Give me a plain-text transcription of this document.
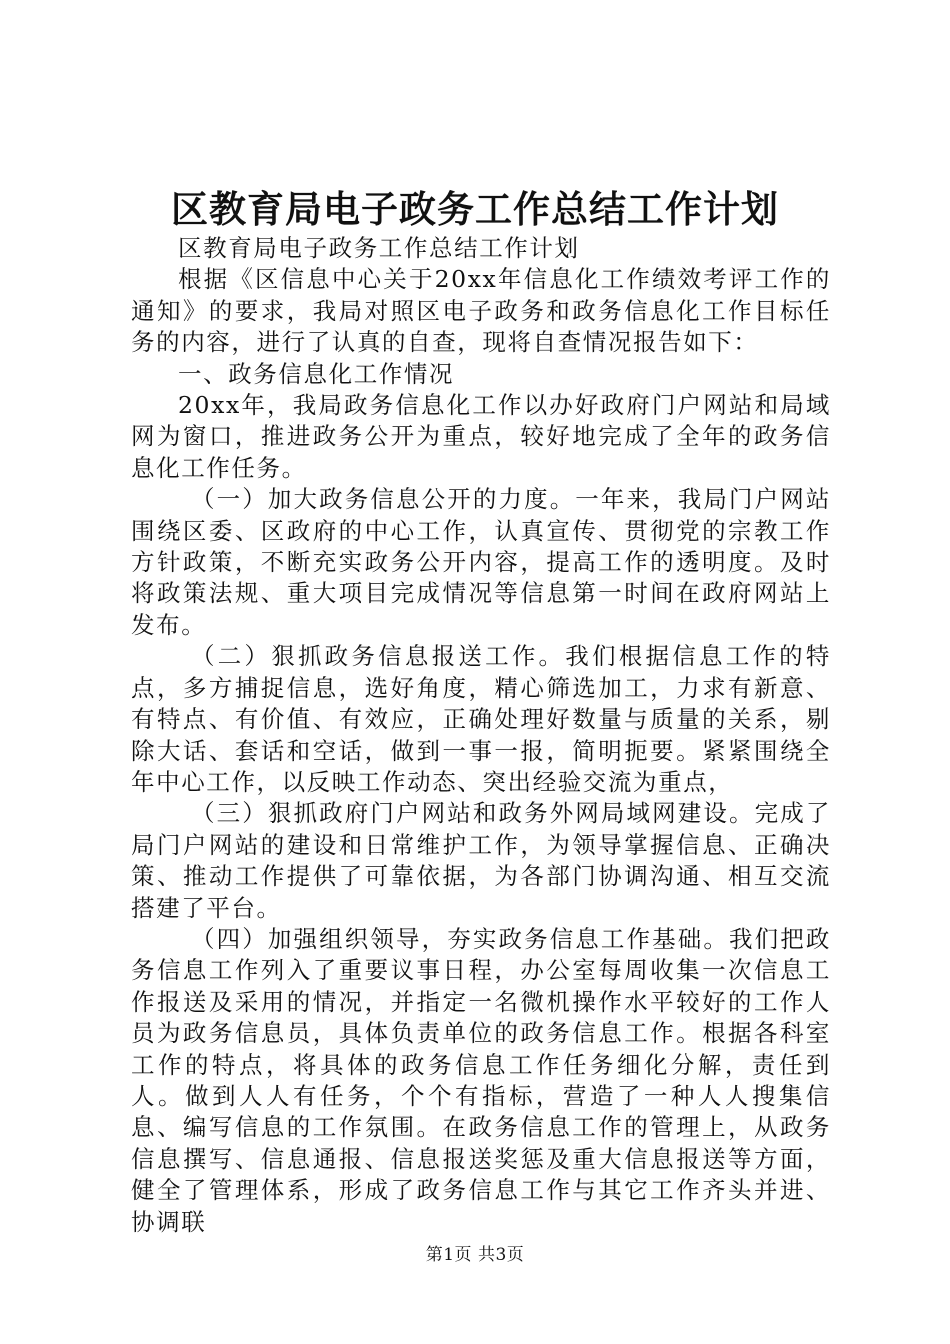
区教育局电子政务工作总结工作计划

区教育局电子政务工作总结工作计划

根据《区信息中心关于20xx年信息化工作绩效考评工作的通知》的要求，我局对照区电子政务和政务信息化工作目标任务的内容，进行了认真的自查，现将自查情况报告如下：

一、政务信息化工作情况

20xx年，我局政务信息化工作以办好政府门户网站和局域网为窗口，推进政务公开为重点，较好地完成了全年的政务信息化工作任务。

（一）加大政务信息公开的力度。一年来，我局门户网站围绕区委、区政府的中心工作，认真宣传、贯彻党的宗教工作方针政策，不断充实政务公开内容，提高工作的透明度。及时将政策法规、重大项目完成情况等信息第一时间在政府网站上发布。

（二）狠抓政务信息报送工作。我们根据信息工作的特点，多方捕捉信息，选好角度，精心筛选加工，力求有新意、有特点、有价值、有效应，正确处理好数量与质量的关系，剔除大话、套话和空话，做到一事一报，简明扼要。紧紧围绕全年中心工作，以反映工作动态、突出经验交流为重点，

（三）狠抓政府门户网站和政务外网局域网建设。完成了局门户网站的建设和日常维护工作，为领导掌握信息、正确决策、推动工作提供了可靠依据，为各部门协调沟通、相互交流搭建了平台。

（四）加强组织领导，夯实政务信息工作基础。我们把政务信息工作列入了重要议事日程，办公室每周收集一次信息工作报送及采用的情况，并指定一名微机操作水平较好的工作人员为政务信息员，具体负责单位的政务信息工作。根据各科室工作的特点，将具体的政务信息工作任务细化分解，责任到人。做到人人有任务，个个有指标，营造了一种人人搜集信息、编写信息的工作氛围。在政务信息工作的管理上，从政务信息撰写、信息通报、信息报送奖惩及重大信息报送等方面，健全了管理体系，形成了政务信息工作与其它工作齐头并进、协调联

第1页 共3页
